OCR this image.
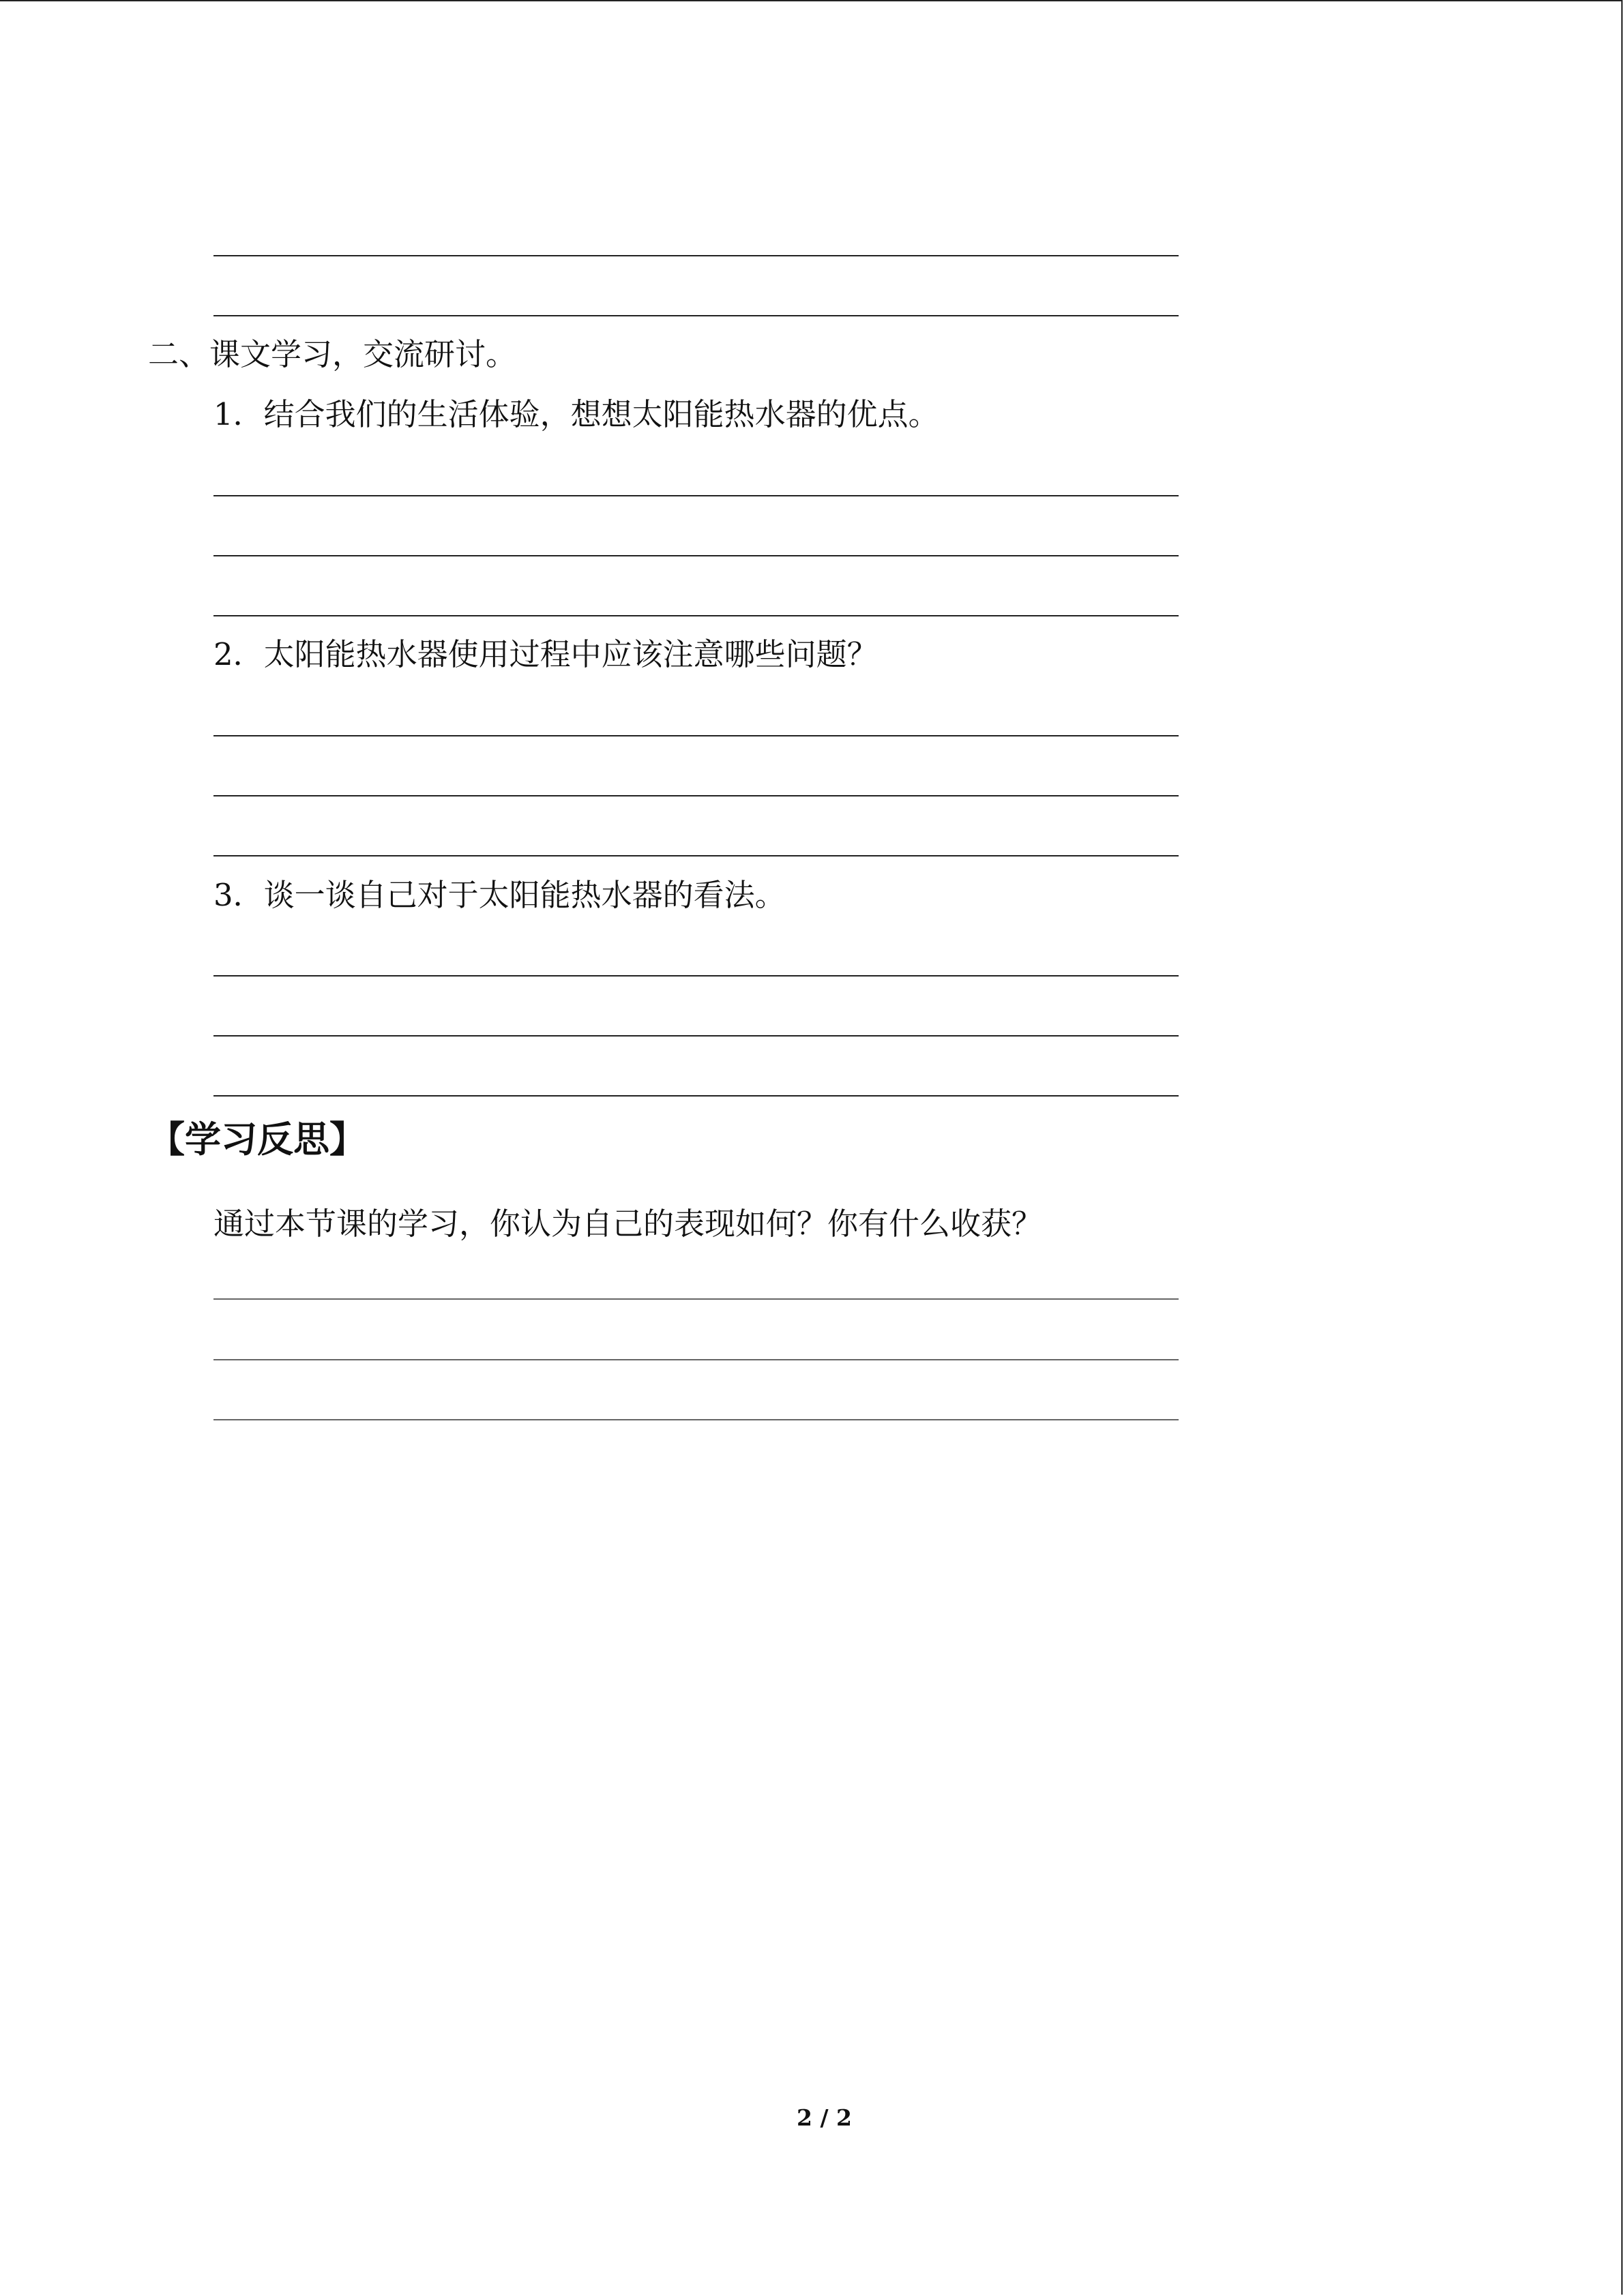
二、课文学习，交流研讨。
1．结合我们的生活体验，想想太阳能热水器的优点。
2．太阳能热水器使用过程中应该注意哪些问题？
3．谈一谈自己对于太阳能热水器的看法。
【学习反思】
通过本节课的学习，你认为自己的表现如何？你有什么收获？
2 / 2
